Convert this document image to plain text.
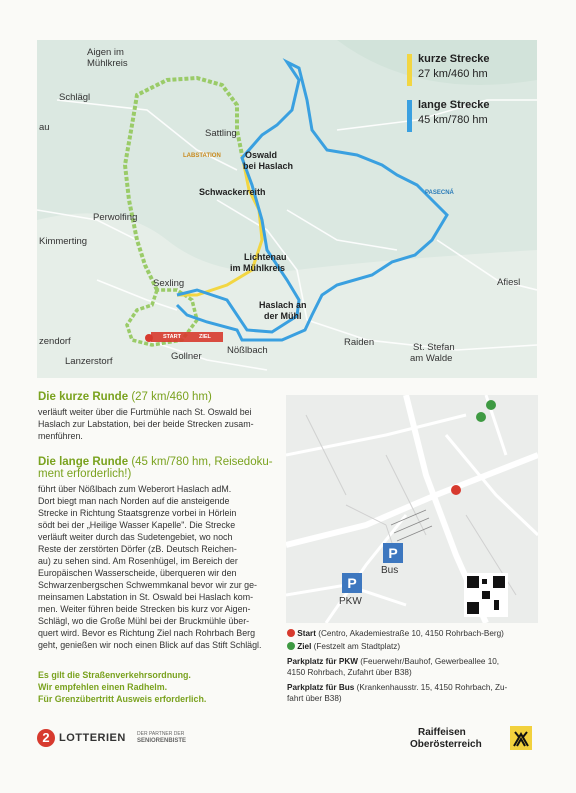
kurze Strecke
27 km/460 hm
lange Strecke
45 km/780 hm
Aigen im
Mühlkreis
Schlägl
Sattling
Oswald
bei Haslach
Schwackerreith
Perwolfing
Kimmerting
Lichtenau
im Mühlkreis
Sexling
Haslach an
der Mühl
zendorf
Lanzerstorf	Gollner
Nößlbach
Raiden	St. Stefan
am Walde
Afiesl
PASECNÁ
au
LABSTATION
START	ZIEL
Die kurze Runde (27 km/460 hm)
verläuft weiter über die Furtmühle nach St. Oswald bei
Haslach zur Labstation, bei der beide Strecken zusam-
menführen.
Die lange Runde (45 km/780 hm, Reisedoku-
ment erforderlich!)
führt über Nößlbach zum Weberort Haslach adM.
Dort biegt man nach Norden auf die ansteigende
Strecke in Richtung Staatsgrenze vorbei in Hörlein
södt bei der „Heilige Wasser Kapelle". Die Strecke
verläuft weiter durch das Sudetengebiet, wo noch
Reste der zerstörten Dörfer (zB. Deutsch Reichen-
au) zu sehen sind. Am Rosenhügel, im Bereich der
Europäischen Wasserscheide, überqueren wir den
Schwarzenbergschen Schwemmkanal bevor wir zur ge-
meinsamen Labstation in St. Oswald bei Haslach kom-
men. Weiter führen beide Strecken bis kurz vor Aigen-
Schlägl, wo die Große Mühl bei der Bruckmühle über-
quert wird. Bevor es Richtung Ziel nach Rohrbach Berg
geht, genießen wir noch einen Blick auf das Stift Schlägl.
Es gilt die Straßenverkehrsordnung.
Wir empfehlen einen Radhelm.
Für Grenzübertritt Ausweis erforderlich.
P
Bus
P
PKW
Start (Centro, Akademiestraße 10, 4150 Rohrbach-Berg)
Ziel (Festzelt am Stadtplatz)
Parkplatz für PKW (Feuerwehr/Bauhof, Gewerbeallee 10,
4150 Rohrbach, Zufahrt über B38)
Parkplatz für Bus (Krankenhausstr. 15, 4150 Rohrbach, Zu-
fahrt über B38)
2 LOTTERIEN DER PARTNER DER
SENIORENBISTE
Raiffeisen
Oberösterreich
